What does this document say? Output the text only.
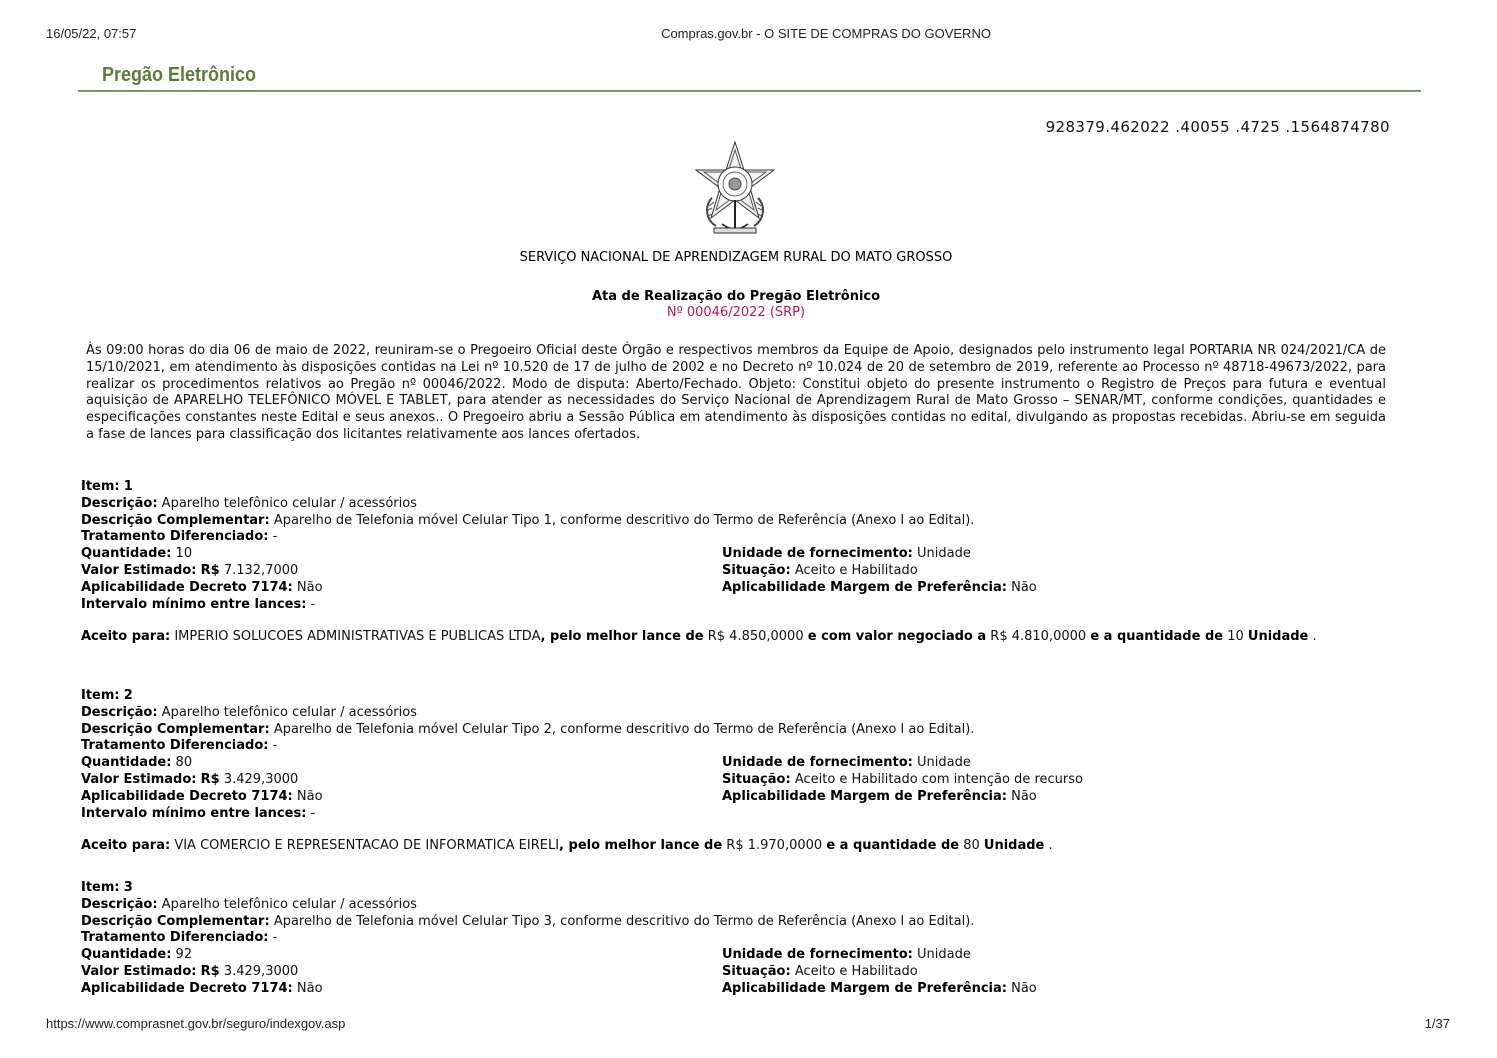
16/05/22, 07:57	Compras.gov.br - O SITE DE COMPRAS DO GOVERNO
https://www.comprasnet.gov.br/seguro/indexgov.asp	1/37
Pregão Eletrônico
928379.462022 .40055 .4725 .1564874780
SERVIÇO NACIONAL DE APRENDIZAGEM RURAL DO MATO GROSSO
Ata de Realização do Pregão Eletrônico
Nº 00046/2022 (SRP)
Às 09:00 horas do dia 06 de maio de 2022, reuniram-se o Pregoeiro Oficial deste Órgão e respectivos membros da Equipe de Apoio, designados pelo instrumento legal PORTARIA NR 024/2021/CA de 15/10/2021, em atendimento às disposições contidas na Lei nº 10.520 de 17 de julho de 2002 e no Decreto nº 10.024 de 20 de setembro de 2019, referente ao Processo nº 48718-49673/2022, para realizar os procedimentos relativos ao Pregão nº 00046/2022. Modo de disputa: Aberto/Fechado. Objeto: Constitui objeto do presente instrumento o Registro de Preços para futura e eventual aquisição de APARELHO TELEFÔNICO MÓVEL E TABLET, para atender as necessidades do Serviço Nacional de Aprendizagem Rural de Mato Grosso – SENAR/MT, conforme condições, quantidades e especificações constantes neste Edital e seus anexos.. O Pregoeiro abriu a Sessão Pública em atendimento às disposições contidas no edital, divulgando as propostas recebidas. Abriu-se em seguida a fase de lances para classificação dos licitantes relativamente aos lances ofertados.
Item: 1
Descrição: Aparelho telefônico celular / acessórios
Descrição Complementar: Aparelho de Telefonia móvel Celular Tipo 1, conforme descritivo do Termo de Referência (Anexo I ao Edital).
Tratamento Diferenciado: -
Quantidade: 10	Unidade de fornecimento: Unidade
Valor Estimado: R$ 7.132,7000	Situação: Aceito e Habilitado
Aplicabilidade Decreto 7174: Não	Aplicabilidade Margem de Preferência: Não
Intervalo mínimo entre lances: -
Aceito para: IMPERIO SOLUCOES ADMINISTRATIVAS E PUBLICAS LTDA, pelo melhor lance de R$ 4.850,0000 e com valor negociado a R$ 4.810,0000 e a quantidade de 10 Unidade .
Item: 2
Descrição: Aparelho telefônico celular / acessórios
Descrição Complementar: Aparelho de Telefonia móvel Celular Tipo 2, conforme descritivo do Termo de Referência (Anexo I ao Edital).
Tratamento Diferenciado: -
Quantidade: 80	Unidade de fornecimento: Unidade
Valor Estimado: R$ 3.429,3000	Situação: Aceito e Habilitado com intenção de recurso
Aplicabilidade Decreto 7174: Não	Aplicabilidade Margem de Preferência: Não
Intervalo mínimo entre lances: -
Aceito para: VIA COMERCIO E REPRESENTACAO DE INFORMATICA EIRELI, pelo melhor lance de R$ 1.970,0000 e a quantidade de 80 Unidade .
Item: 3
Descrição: Aparelho telefônico celular / acessórios
Descrição Complementar: Aparelho de Telefonia móvel Celular Tipo 3, conforme descritivo do Termo de Referência (Anexo I ao Edital).
Tratamento Diferenciado: -
Quantidade: 92	Unidade de fornecimento: Unidade
Valor Estimado: R$ 3.429,3000	Situação: Aceito e Habilitado
Aplicabilidade Decreto 7174: Não	Aplicabilidade Margem de Preferência: Não
